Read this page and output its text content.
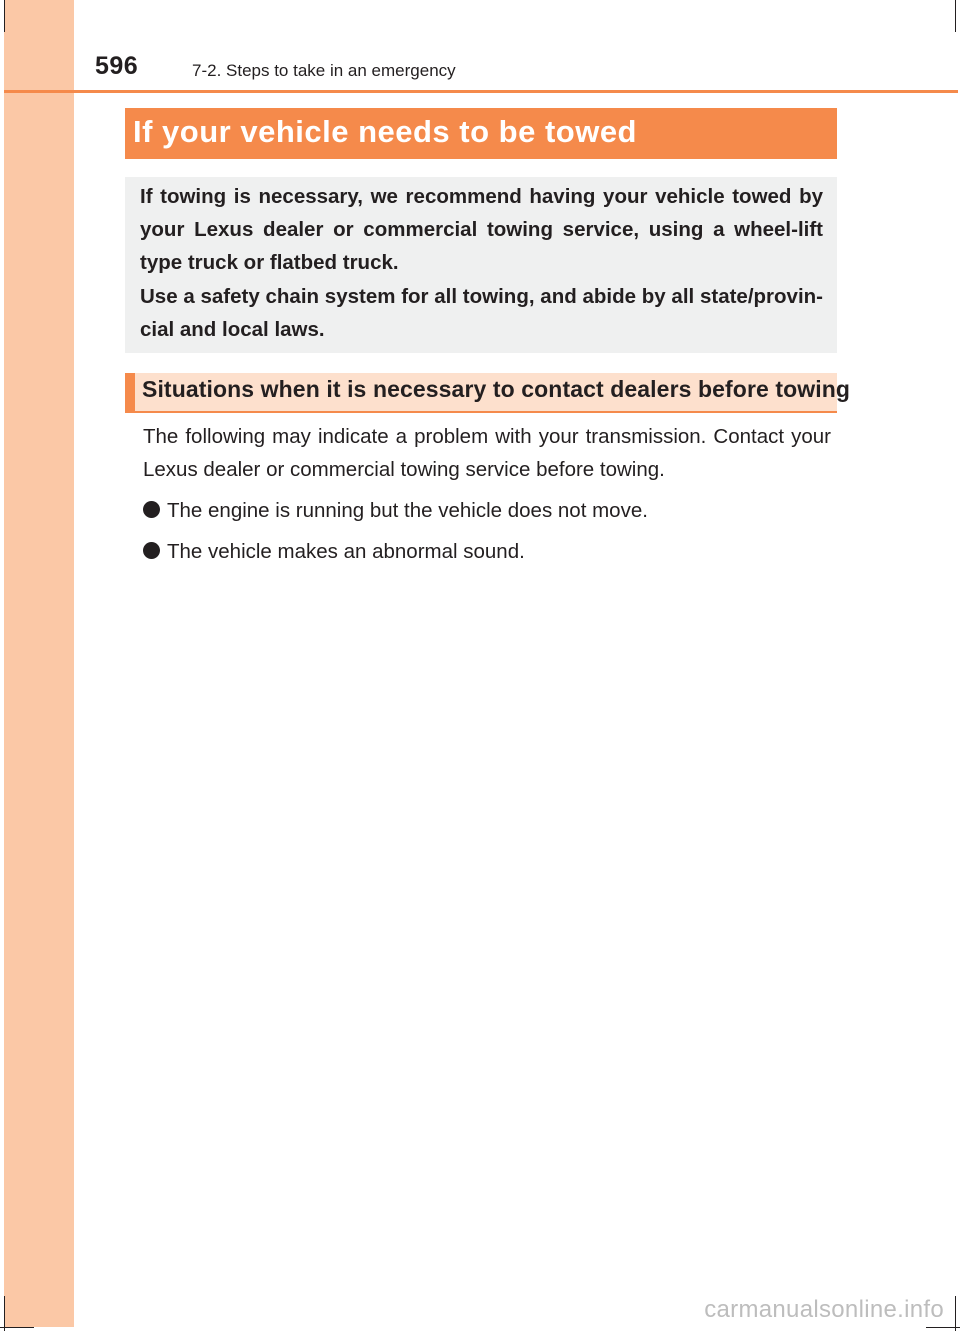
596	7-2. Steps to take in an emergency
If your vehicle needs to be towed

If towing is necessary, we recommend having your vehicle towed by your Lexus dealer or commercial towing service, using a wheel-lift type truck or flatbed truck.

Use a safety chain system for all towing, and abide by all state/provin-cial and local laws.

Situations when it is necessary to contact dealers before towing
The following may indicate a problem with your transmission. Contact your Lexus dealer or commercial towing service before towing.
The engine is running but the vehicle does not move.
The vehicle makes an abnormal sound.
carmanualsonline.info
